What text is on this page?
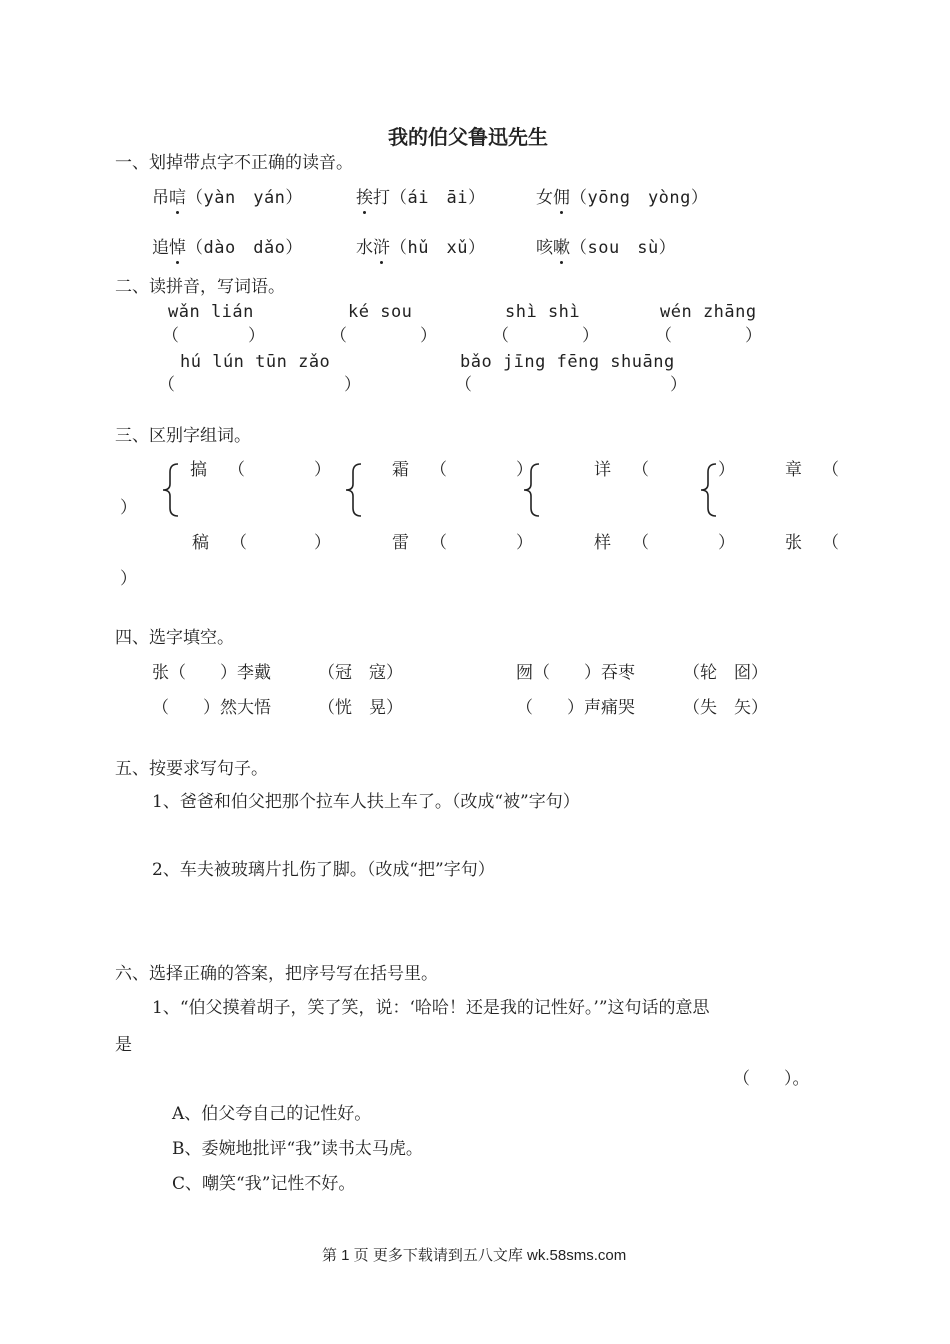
我的伯父鲁迅先生
一、划掉带点字不正确的读音。
吊唁（yàn　yán）	挨打（ái　āi）	女佣（yōng　yòng）
追悼（dào　dǎo）	水浒（hǔ　xǔ）	咳嗽（sou　sù）
二、读拼音，写词语。
wǎn lián	ké sou	shì shì	wén zhāng
（	）	（	）	（	）	（	）
hú lún tūn zǎo	bǎo jīng fēng shuāng
（	）	（	）
三、区别字组词。
搞 （	）	霜 （	）	详 （	）	章 （
）
稿 （	）	雷 （	）	样 （	）	张 （
）
四、选字填空。
张（　　）李戴	（冠　寇）	囫（　　）吞枣	（轮　囵）
（　　）然大悟	（恍　晃）	（　　）声痛哭	（失　矢）
五、按要求写句子。
1、爸爸和伯父把那个拉车人扶上车了。（改成“被”字句）
2、车夫被玻璃片扎伤了脚。（改成“把”字句）
六、选择正确的答案，把序号写在括号里。
1、“伯父摸着胡子，笑了笑，说：‘哈哈！还是我的记性好。’”这句话的意思
是
（　　）。
A、伯父夸自己的记性好。
B、委婉地批评“我”读书太马虎。
C、嘲笑“我”记性不好。
第 1 页 更多下载请到五八文库 wk.58sms.com
